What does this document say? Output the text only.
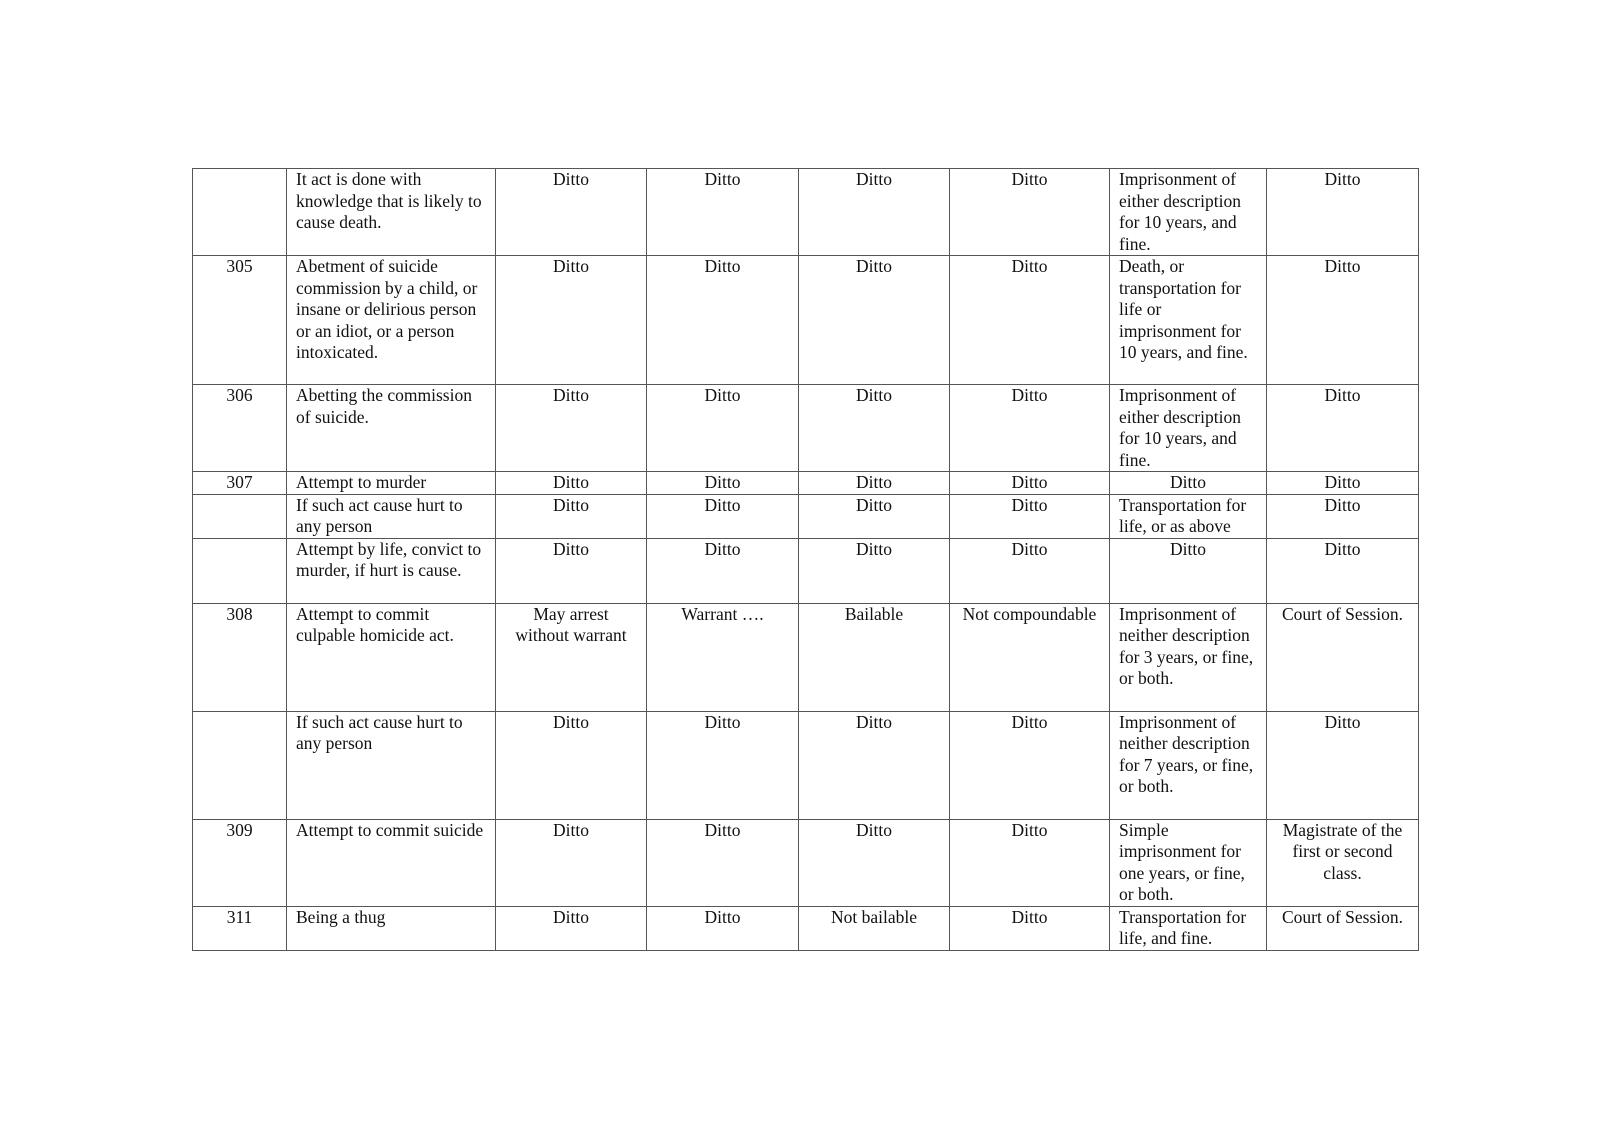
	It act is done with knowledge that is likely to cause death.	Ditto	Ditto	Ditto	Ditto	Imprisonment of either description for 10 years, and fine.	Ditto
305	Abetment of suicide commission by a child, or insane or delirious person or an idiot, or a person intoxicated.	Ditto	Ditto	Ditto	Ditto	Death, or transportation for life or imprisonment for 10 years, and fine.	Ditto
306	Abetting the commission of suicide.	Ditto	Ditto	Ditto	Ditto	Imprisonment of either description for 10 years, and fine.	Ditto
307	Attempt to murder	Ditto	Ditto	Ditto	Ditto	Ditto	Ditto
	If such act cause hurt to any person	Ditto	Ditto	Ditto	Ditto	Transportation for life, or as above	Ditto
	Attempt by life, convict to murder, if hurt is cause.	Ditto	Ditto	Ditto	Ditto	Ditto	Ditto
308	Attempt to commit culpable homicide act.	May arrest without warrant	Warrant ….	Bailable	Not compoundable	Imprisonment of neither description for 3 years, or fine, or both.	Court of Session.
	If such act cause hurt to any person	Ditto	Ditto	Ditto	Ditto	Imprisonment of neither description for 7 years, or fine, or both.	Ditto
309	Attempt to commit suicide	Ditto	Ditto	Ditto	Ditto	Simple imprisonment for one years, or fine, or both.	Magistrate of the first or second class.
311	Being a thug	Ditto	Ditto	Not bailable	Ditto	Transportation for life, and fine.	Court of Session.
